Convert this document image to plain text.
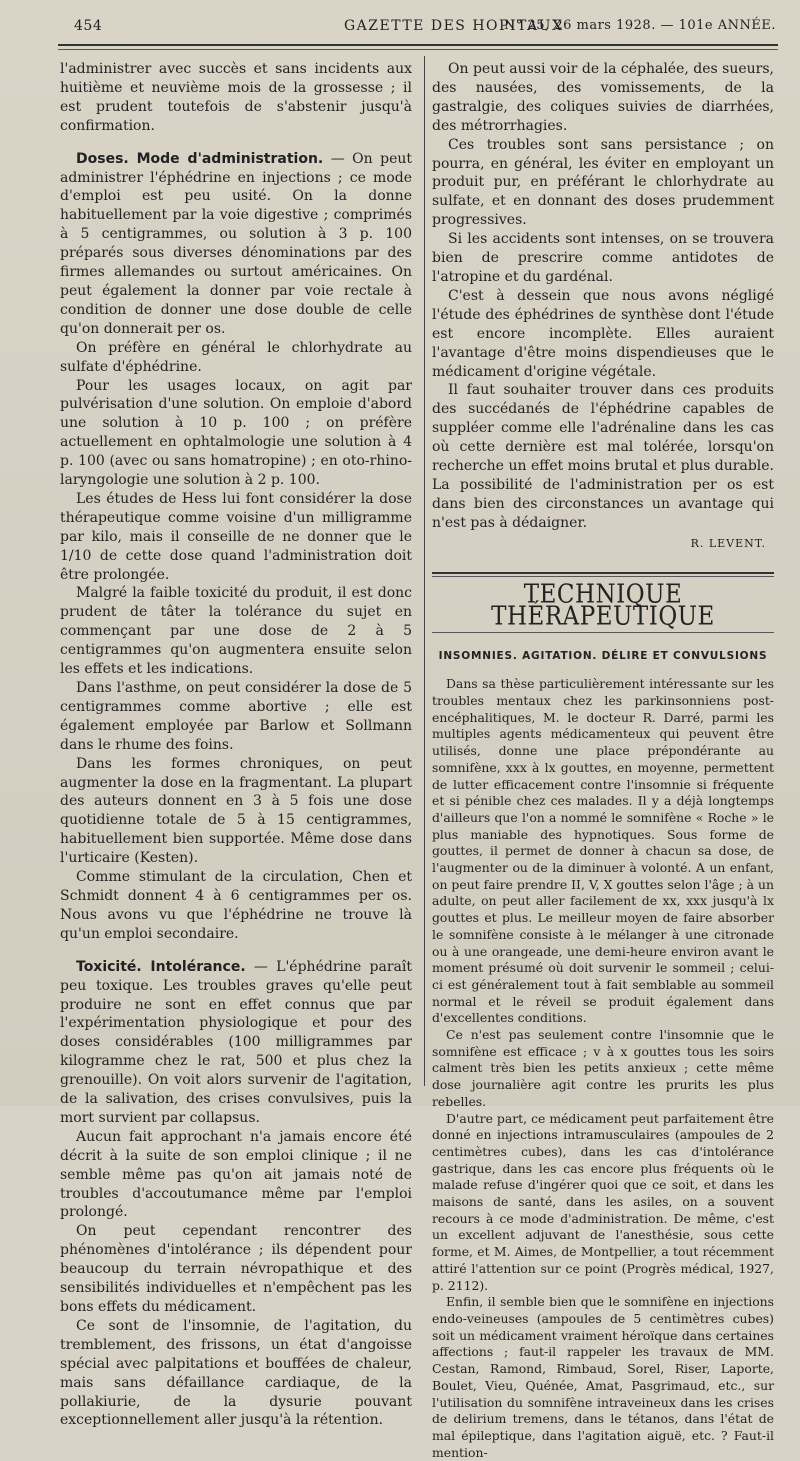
454	GAZETTE DES HOPITAUX
N° 25, 26 mars 1928. — 101e ANNÉE.

l'administrer avec succès et sans incidents aux huitième et neuvième mois de la grossesse ; il est prudent toutefois de s'abstenir jusqu'à confirmation.

Doses. Mode d'administration. — On peut administrer l'éphédrine en injections ; ce mode d'emploi est peu usité. On la donne habituellement par la voie digestive ; comprimés à 5 centigrammes, ou solution à 3 p. 100 préparés sous diverses dénominations par des firmes allemandes ou surtout américaines. On peut également la donner par voie rectale à condition de donner une dose double de celle qu'on donnerait per os.

On préfère en général le chlorhydrate au sulfate d'éphédrine.

Pour les usages locaux, on agit par pulvérisation d'une solution. On emploie d'abord une solution à 10 p. 100 ; on préfère actuellement en ophtalmologie une solution à 4 p. 100 (avec ou sans homatropine) ; en oto-rhino-laryngologie une solution à 2 p. 100.

Les études de Hess lui font considérer la dose thérapeutique comme voisine d'un milligramme par kilo, mais il conseille de ne donner que le 1/10 de cette dose quand l'administration doit être prolongée.

Malgré la faible toxicité du produit, il est donc prudent de tâter la tolérance du sujet en commençant par une dose de 2 à 5 centigrammes qu'on augmentera ensuite selon les effets et les indications.

Dans l'asthme, on peut considérer la dose de 5 centigrammes comme abortive ; elle est également employée par Barlow et Sollmann dans le rhume des foins.

Dans les formes chroniques, on peut augmenter la dose en la fragmentant. La plupart des auteurs donnent en 3 à 5 fois une dose quotidienne totale de 5 à 15 centigrammes, habituellement bien supportée. Même dose dans l'urticaire (Kesten).

Comme stimulant de la circulation, Chen et Schmidt donnent 4 à 6 centigrammes per os. Nous avons vu que l'éphédrine ne trouve là qu'un emploi secondaire.

Toxicité. Intolérance. — L'éphédrine paraît peu toxique. Les troubles graves qu'elle peut produire ne sont en effet connus que par l'expérimentation physiologique et pour des doses considérables (100 milligrammes par kilogramme chez le rat, 500 et plus chez la grenouille). On voit alors survenir de l'agitation, de la salivation, des crises convulsives, puis la mort survient par collapsus.

Aucun fait approchant n'a jamais encore été décrit à la suite de son emploi clinique ; il ne semble même pas qu'on ait jamais noté de troubles d'accoutumance même par l'emploi prolongé.

On peut cependant rencontrer des phénomènes d'intolérance ; ils dépendent pour beaucoup du terrain névropathique et des sensibilités individuelles et n'empêchent pas les bons effets du médicament.

Ce sont de l'insomnie, de l'agitation, du tremblement, des frissons, un état d'angoisse spécial avec palpitations et bouffées de chaleur, mais sans défaillance cardiaque, de la pollakiurie, de la dysurie pouvant exceptionnellement aller jusqu'à la rétention.

On peut aussi voir de la céphalée, des sueurs, des nausées, des vomissements, de la gastralgie, des coliques suivies de diarrhées, des métrorrhagies.

Ces troubles sont sans persistance ; on pourra, en général, les éviter en employant un produit pur, en préférant le chlorhydrate au sulfate, et en donnant des doses prudemment progressives.

Si les accidents sont intenses, on se trouvera bien de prescrire comme antidotes de l'atropine et du gardénal.

C'est à dessein que nous avons négligé l'étude des éphédrines de synthèse dont l'étude est encore incomplète. Elles auraient l'avantage d'être moins dispendieuses que le médicament d'origine végétale.

Il faut souhaiter trouver dans ces produits des succédanés de l'éphédrine capables de suppléer comme elle l'adrénaline dans les cas où cette dernière est mal tolérée, lorsqu'on recherche un effet moins brutal et plus durable. La possibilité de l'administration per os est dans bien des circonstances un avantage qui n'est pas à dédaigner.

R. LEVENT.
TECHNIQUE THÉRAPEUTIQUE
INSOMNIES. AGITATION. DÉLIRE ET CONVULSIONS

Dans sa thèse particulièrement intéressante sur les troubles mentaux chez les parkinsonniens post-encéphalitiques, M. le docteur R. Darré, parmi les multiples agents médicamenteux qui peuvent être utilisés, donne une place prépondérante au somnifène, xxx à lx gouttes, en moyenne, permettent de lutter efficacement contre l'insomnie si fréquente et si pénible chez ces malades. Il y a déjà longtemps d'ailleurs que l'on a nommé le somnifène « Roche » le plus maniable des hypnotiques. Sous forme de gouttes, il permet de donner à chacun sa dose, de l'augmenter ou de la diminuer à volonté. A un enfant, on peut faire prendre II, V, X gouttes selon l'âge ; à un adulte, on peut aller facilement de xx, xxx jusqu'à lx gouttes et plus. Le meilleur moyen de faire absorber le somnifène consiste à le mélanger à une citronade ou à une orangeade, une demi-heure environ avant le moment présumé où doit survenir le sommeil ; celui-ci est généralement tout à fait semblable au sommeil normal et le réveil se produit également dans d'excellentes conditions.

Ce n'est pas seulement contre l'insomnie que le somnifène est efficace ; v à x gouttes tous les soirs calment très bien les petits anxieux ; cette même dose journalière agit contre les prurits les plus rebelles.

D'autre part, ce médicament peut parfaitement être donné en injections intramusculaires (ampoules de 2 centimètres cubes), dans les cas d'intolérance gastrique, dans les cas encore plus fréquents où le malade refuse d'ingérer quoi que ce soit, et dans les maisons de santé, dans les asiles, on a souvent recours à ce mode d'administration. De même, c'est un excellent adjuvant de l'anesthésie, sous cette forme, et M. Aimes, de Montpellier, a tout récemment attiré l'attention sur ce point (Progrès médical, 1927, p. 2112).

Enfin, il semble bien que le somnifène en injections endo-veineuses (ampoules de 5 centimètres cubes) soit un médicament vraiment héroïque dans certaines affections ; faut-il rappeler les travaux de MM. Cestan, Ramond, Rimbaud, Sorel, Riser, Laporte, Boulet, Vieu, Quénée, Amat, Pasgrimaud, etc., sur l'utilisation du somnifène intraveineux dans les crises de delirium tremens, dans le tétanos, dans l'état de mal épileptique, dans l'agitation aiguë, etc. ? Faut-il mention-
